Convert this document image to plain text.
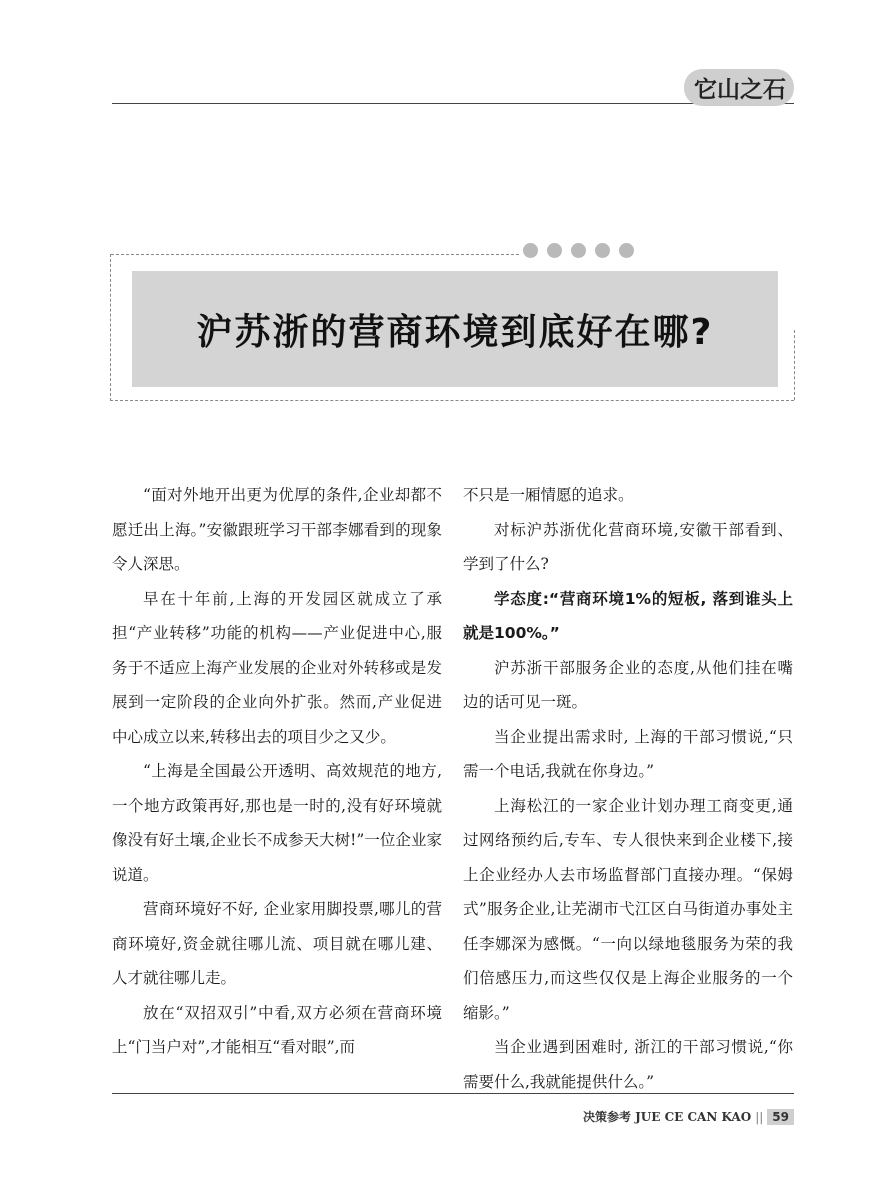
它山之石
沪苏浙的营商环境到底好在哪?

“面对外地开出更为优厚的条件,企业却都不愿迁出上海。”安徽跟班学习干部李娜看到的现象令人深思。

早在十年前,上海的开发园区就成立了承担“产业转移”功能的机构——产业促进中心,服务于不适应上海产业发展的企业对外转移或是发展到一定阶段的企业向外扩张。然而,产业促进中心成立以来,转移出去的项目少之又少。

“上海是全国最公开透明、高效规范的地方,一个地方政策再好,那也是一时的,没有好环境就像没有好土壤,企业长不成参天大树!”一位企业家说道。

营商环境好不好, 企业家用脚投票,哪儿的营商环境好,资金就往哪儿流、项目就在哪儿建、人才就往哪儿走。

放在“双招双引”中看,双方必须在营商环境上“门当户对”,才能相互“看对眼”,而

不只是一厢情愿的追求。

对标沪苏浙优化营商环境,安徽干部看到、学到了什么?

学态度:“营商环境1%的短板, 落到谁头上就是100%。”

沪苏浙干部服务企业的态度,从他们挂在嘴边的话可见一斑。

当企业提出需求时, 上海的干部习惯说,“只需一个电话,我就在你身边。”

上海松江的一家企业计划办理工商变更,通过网络预约后,专车、专人很快来到企业楼下,接上企业经办人去市场监督部门直接办理。“保姆式”服务企业,让芜湖市弋江区白马街道办事处主任李娜深为感慨。“一向以绿地毯服务为荣的我们倍感压力,而这些仅仅是上海企业服务的一个缩影。”

当企业遇到困难时, 浙江的干部习惯说,“你需要什么,我就能提供什么。”

决策参考 JUE CE CAN KAO || 59
